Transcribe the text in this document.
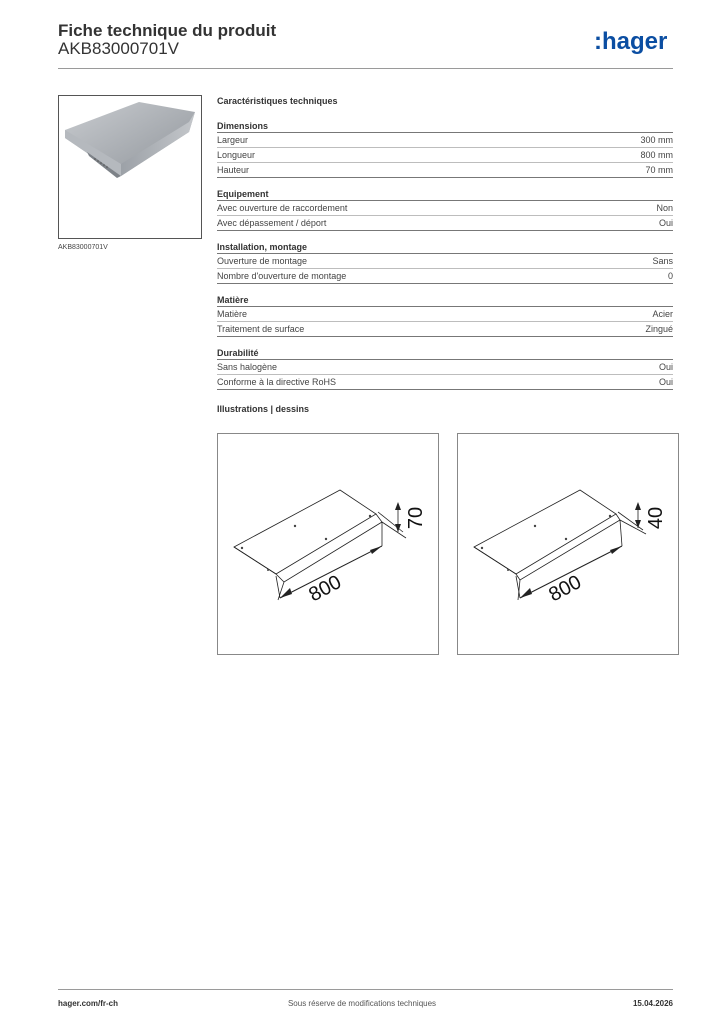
Fiche technique du produit
AKB83000701V	:hager
AKB83000701V
Caractéristiques techniques
Dimensions
Largeur	300 mm
Longueur	800 mm
Hauteur	70 mm
Equipement
Avec ouverture de raccordement	Non
Avec dépassement / déport	Oui
Installation, montage
Ouverture de montage	Sans
Nombre d'ouverture de montage	0
Matière
Matière	Acier
Traitement de surface	Zingué
Durabilité
Sans halogène	Oui
Conforme à la directive RoHS	Oui
Illustrations | dessins
800
70
800
40
Sous réserve de modifications techniques
hager.com/fr-ch	15.04.2026
